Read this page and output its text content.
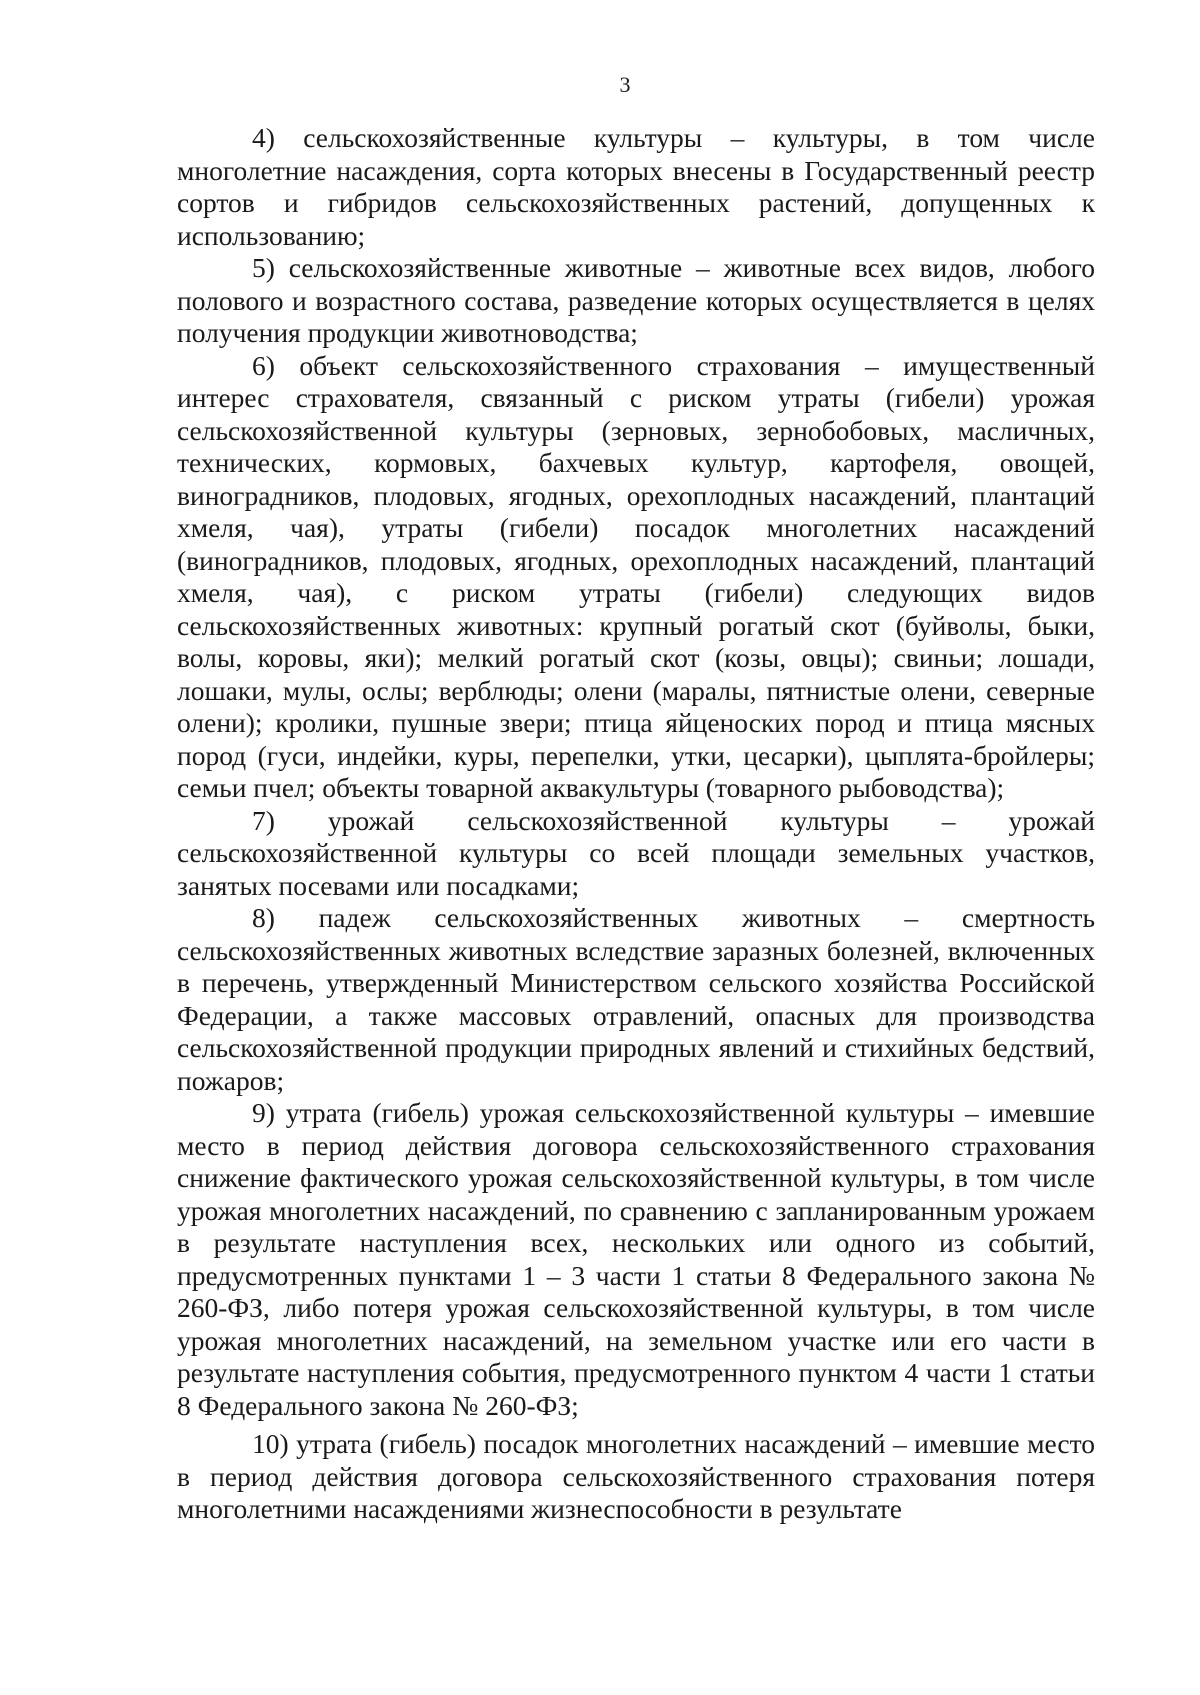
3

4) сельскохозяйственные культуры – культуры, в том числе многолетние насаждения, сорта которых внесены в Государственный реестр сортов и гибридов сельскохозяйственных растений, допущенных к использованию;

5) сельскохозяйственные животные – животные всех видов, любого полового и возрастного состава, разведение которых осуществляется в целях получения продукции животноводства;

6) объект сельскохозяйственного страхования – имущественный интерес страхователя, связанный с риском утраты (гибели) урожая сельскохозяйственной культуры (зерновых, зернобобовых, масличных, технических, кормовых, бахчевых культур, картофеля, овощей, виноградников, плодовых, ягодных, орехоплодных насаждений, плантаций хмеля, чая), утраты (гибели) посадок многолетних насаждений (виноградников, плодовых, ягодных, орехоплодных насаждений, плантаций хмеля, чая), с риском утраты (гибели) следующих видов сельскохозяйственных животных: крупный рогатый скот (буйволы, быки, волы, коровы, яки); мелкий рогатый скот (козы, овцы); свиньи; лошади, лошаки, мулы, ослы; верблюды; олени (маралы, пятнистые олени, северные олени); кролики, пушные звери; птица яйценоских пород и птица мясных пород (гуси, индейки, куры, перепелки, утки, цесарки), цыплята-бройлеры; семьи пчел; объекты товарной аквакультуры (товарного рыбоводства);

7) урожай сельскохозяйственной культуры – урожай сельскохозяйственной культуры со всей площади земельных участков, занятых посевами или посадками;

8) падеж сельскохозяйственных животных – смертность сельскохозяйственных животных вследствие заразных болезней, включенных в перечень, утвержденный Министерством сельского хозяйства Российской Федерации, а также массовых отравлений, опасных для производства сельскохозяйственной продукции природных явлений и стихийных бедствий, пожаров;

9) утрата (гибель) урожая сельскохозяйственной культуры – имевшие место в период действия договора сельскохозяйственного страхования снижение фактического урожая сельскохозяйственной культуры, в том числе урожая многолетних насаждений, по сравнению с запланированным урожаем в результате наступления всех, нескольких или одного из событий, предусмотренных пунктами 1 – 3 части 1 статьи 8 Федерального закона № 260-ФЗ, либо потеря урожая сельскохозяйственной культуры, в том числе урожая многолетних насаждений, на земельном участке или его части в результате наступления события, предусмотренного пунктом 4 части 1 статьи 8 Федерального закона № 260-ФЗ;

10) утрата (гибель) посадок многолетних насаждений – имевшие место в период действия договора сельскохозяйственного страхования потеря многолетними насаждениями жизнеспособности в результате
